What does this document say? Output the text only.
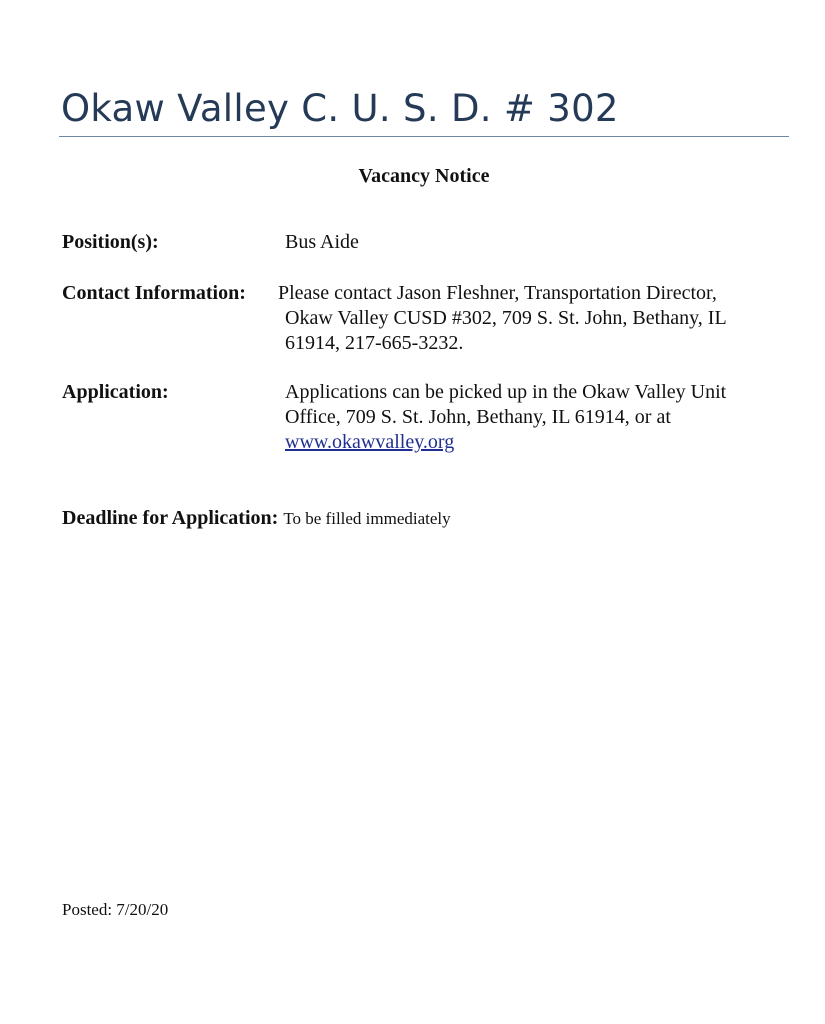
Okaw Valley C. U. S. D. # 302
Vacancy Notice
Position(s):	Bus Aide
Contact Information: Please contact Jason Fleshner, Transportation Director,
Okaw Valley CUSD #302, 709 S. St. John, Bethany, IL
61914, 217-665-3232.
Application:	Applications can be picked up in the Okaw Valley Unit
Office, 709 S. St. John, Bethany, IL 61914, or at
www.okawvalley.org
Deadline for Application: To be filled immediately
Posted: 7/20/20
